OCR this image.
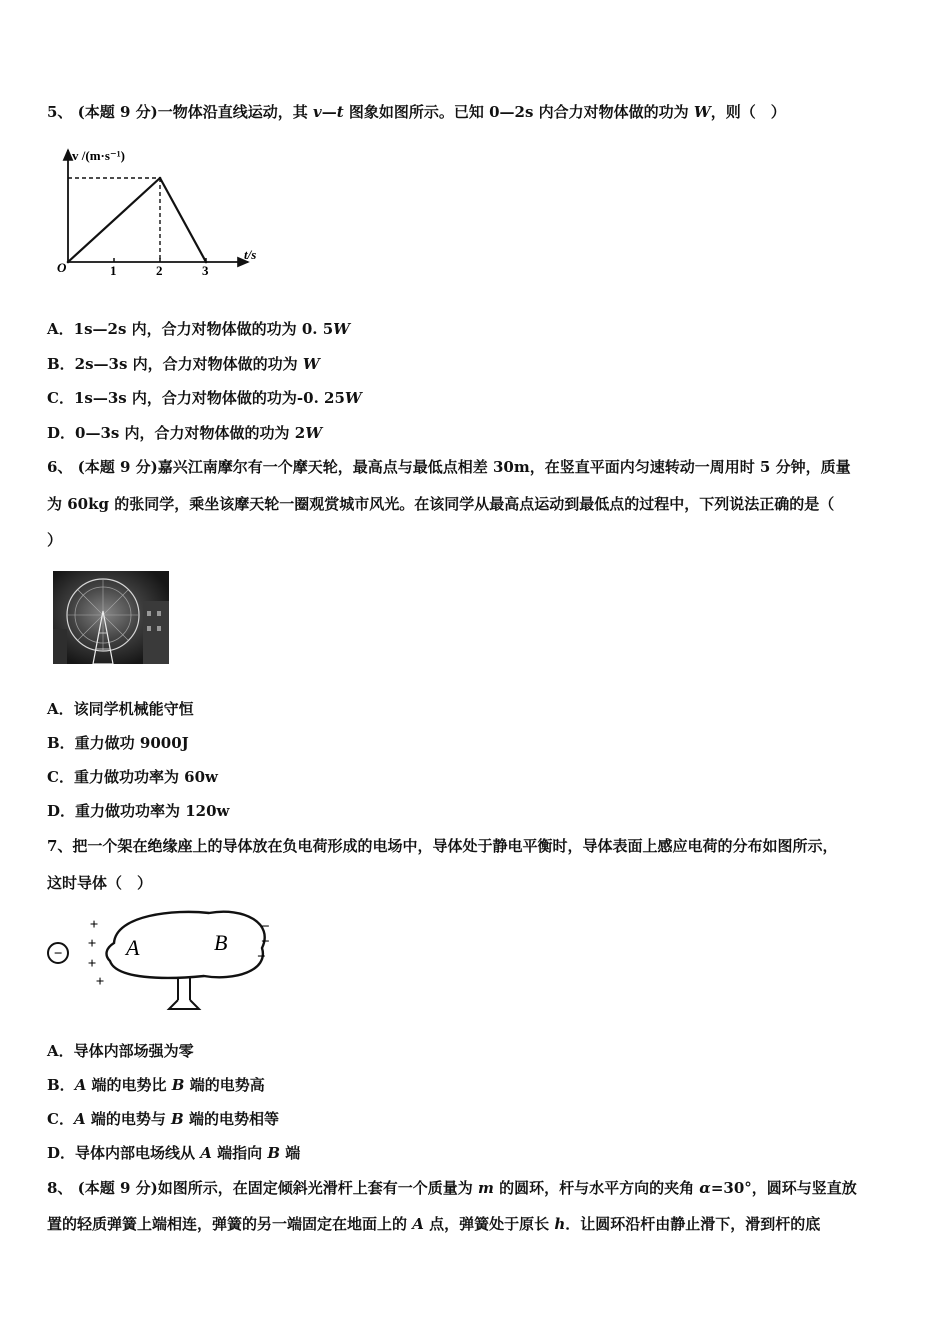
5、 (本题 9 分)一物体沿直线运动，其 v—t 图象如图所示。已知 0—2s 内合力对物体做的功为 W，则（　）
1	2	3
v /(m·s⁻¹)
t/s
O
A．1s—2s 内，合力对物体做的功为 0. 5W
B．2s—3s 内，合力对物体做的功为 W
C．1s—3s 内，合力对物体做的功为-0. 25W
D．0—3s 内，合力对物体做的功为 2W
6、 (本题 9 分)嘉兴江南摩尔有一个摩天轮，最高点与最低点相差 30m，在竖直平面内匀速转动一周用时 5 分钟，质量
为 60kg 的张同学，乘坐该摩天轮一圈观赏城市风光。在该同学从最高点运动到最低点的过程中，下列说法正确的是（
）
A．该同学机械能守恒
B．重力做功 9000J
C．重力做功功率为 60w
D．重力做功功率为 120w
7、把一个架在绝缘座上的导体放在负电荷形成的电场中，导体处于静电平衡时，导体表面上感应电荷的分布如图所示，
这时导体（　）
−
+
+
+
+
A	B
−
−
−
A．导体内部场强为零
B．A 端的电势比 B 端的电势高
C．A 端的电势与 B 端的电势相等
D．导体内部电场线从 A 端指向 B 端
8、 (本题 9 分)如图所示，在固定倾斜光滑杆上套有一个质量为 m 的圆环，杆与水平方向的夹角 α=30°，圆环与竖直放
置的轻质弹簧上端相连，弹簧的另一端固定在地面上的 A 点，弹簧处于原长 h．让圆环沿杆由静止滑下，滑到杆的底
